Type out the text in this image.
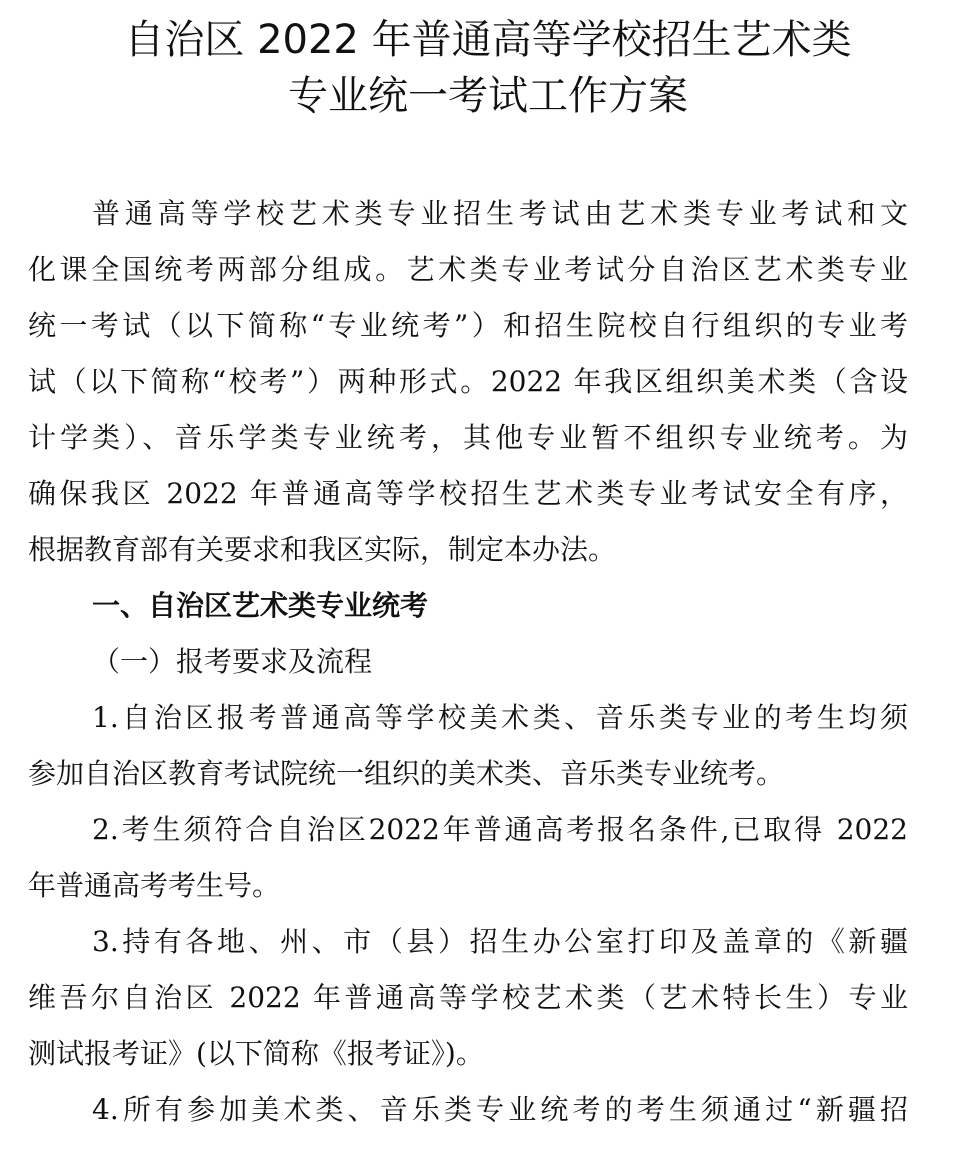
自治区 2022 年普通高等学校招生艺术类
专业统一考试工作方案
普通高等学校艺术类专业招生考试由艺术类专业考试和文
化课全国统考两部分组成。艺术类专业考试分自治区艺术类专业
统一考试（以下简称“专业统考”）和招生院校自行组织的专业考
试（以下简称“校考”）两种形式。2022 年我区组织美术类（含设
计学类）、音乐学类专业统考，其他专业暂不组织专业统考。为
确保我区 2022 年普通高等学校招生艺术类专业考试安全有序，
根据教育部有关要求和我区实际，制定本办法。
一、自治区艺术类专业统考
（一）报考要求及流程
1.自治区报考普通高等学校美术类、音乐类专业的考生均须
参加自治区教育考试院统一组织的美术类、音乐类专业统考。
2.考生须符合自治区2022年普通高考报名条件,已取得 2022
年普通高考考生号。
3.持有各地、州、市（县）招生办公室打印及盖章的《新疆
维吾尔自治区 2022 年普通高等学校艺术类（艺术特长生）专业
测试报考证》(以下简称《报考证》)。
4.所有参加美术类、音乐类专业统考的考生须通过“新疆招
